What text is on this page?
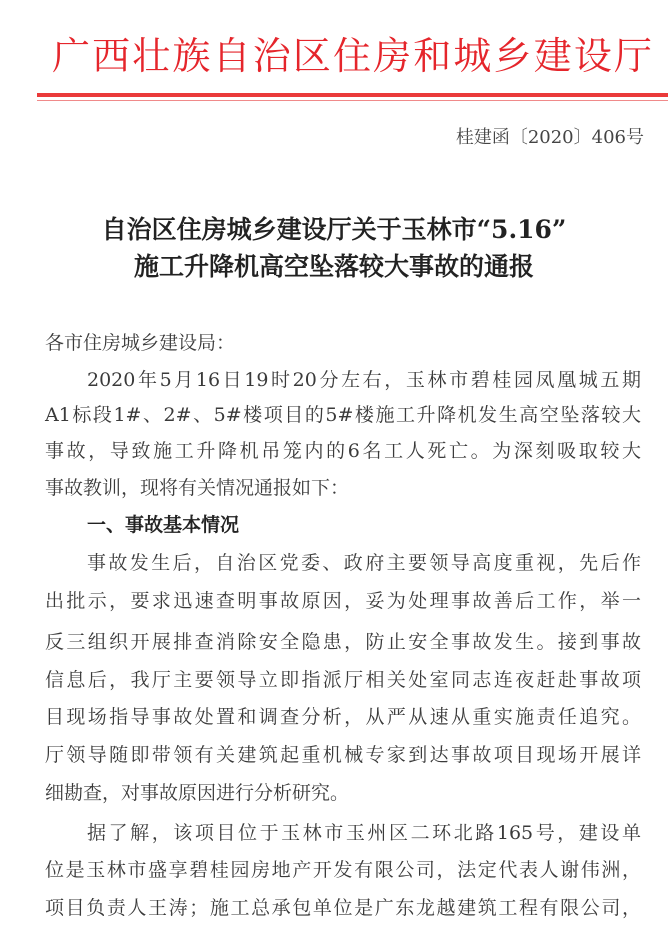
广西壮族自治区住房和城乡建设厅
桂建函〔2020〕406号
自治区住房城乡建设厅关于玉林市“5.16”
施工升降机高空坠落较大事故的通报
各市住房城乡建设局：
2020年5月16日19时20分左右，玉林市碧桂园凤凰城五期
A1标段1#、2#、5#楼项目的5#楼施工升降机发生高空坠落较大
事故，导致施工升降机吊笼内的6名工人死亡。为深刻吸取较大
事故教训，现将有关情况通报如下：
一、事故基本情况
事故发生后，自治区党委、政府主要领导高度重视，先后作
出批示，要求迅速查明事故原因，妥为处理事故善后工作，举一
反三组织开展排查消除安全隐患，防止安全事故发生。接到事故
信息后，我厅主要领导立即指派厅相关处室同志连夜赶赴事故项
目现场指导事故处置和调查分析，从严从速从重实施责任追究。
厅领导随即带领有关建筑起重机械专家到达事故项目现场开展详
细勘查，对事故原因进行分析研究。
据了解，该项目位于玉林市玉州区二环北路165号，建设单
位是玉林市盛享碧桂园房地产开发有限公司，法定代表人谢伟洲，
项目负责人王涛；施工总承包单位是广东龙越建筑工程有限公司，
